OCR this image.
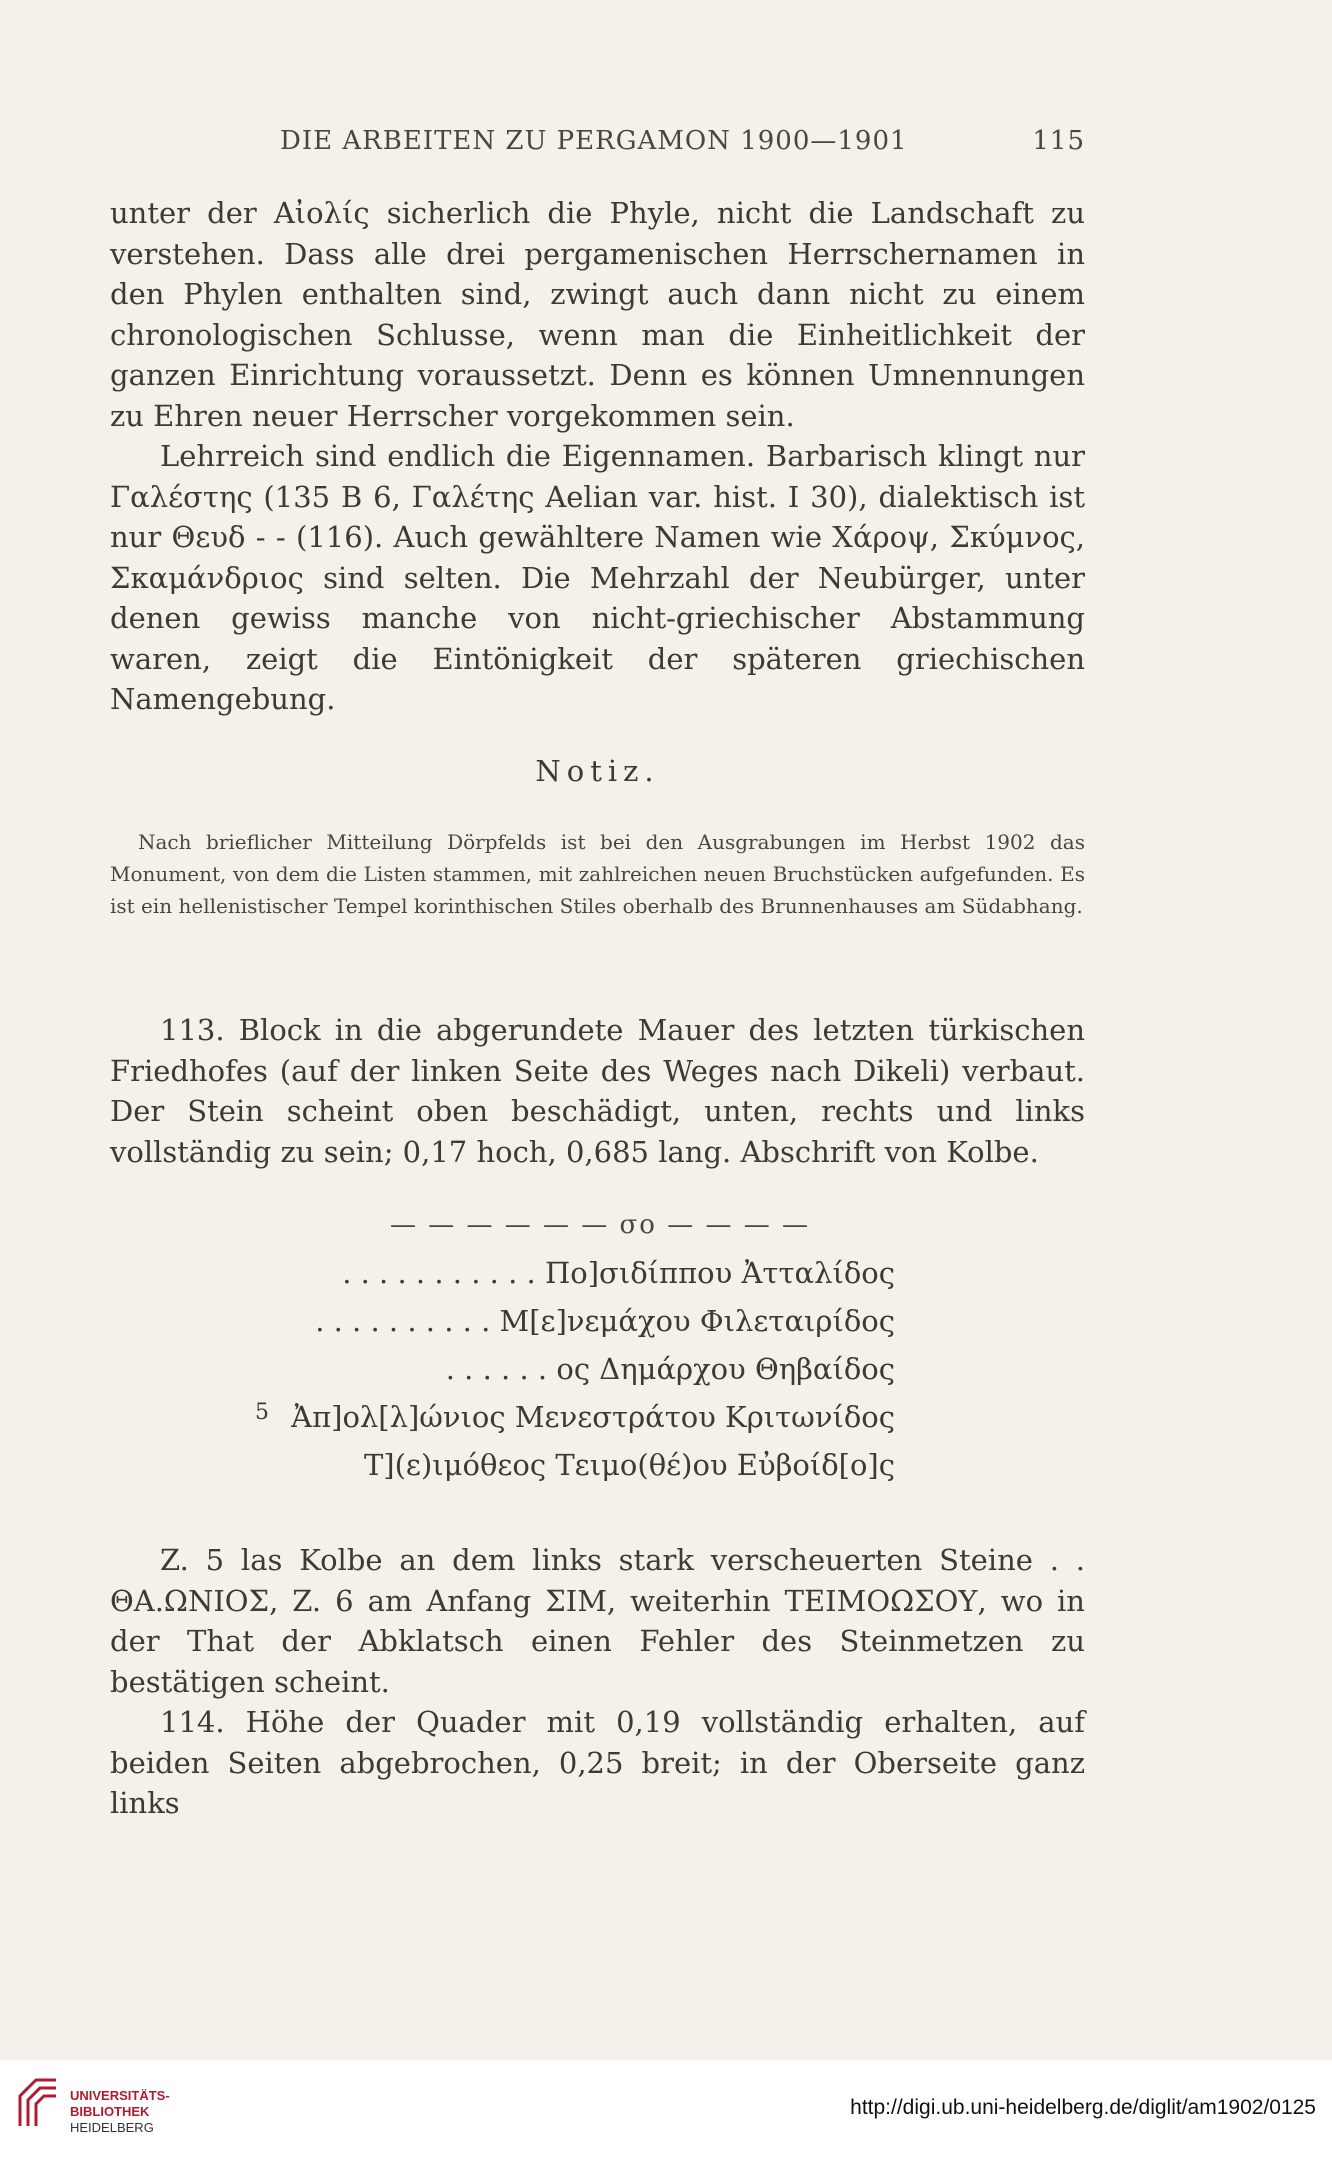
DIE ARBEITEN ZU PERGAMON 1900—1901	115

unter der Αἰολίς sicherlich die Phyle, nicht die Landschaft zu verstehen. Dass alle drei pergamenischen Herrschernamen in den Phylen enthalten sind, zwingt auch dann nicht zu einem chronologischen Schlusse, wenn man die Einheitlichkeit der ganzen Einrichtung voraussetzt. Denn es können Umnennungen zu Ehren neuer Herrscher vorgekommen sein.

Lehrreich sind endlich die Eigennamen. Barbarisch klingt nur Γαλέστης (135 B 6, Γαλέτης Aelian var. hist. I 30), dialektisch ist nur Θευδ - - (116). Auch gewähltere Namen wie Χάροψ, Σκύμνος, Σκαμάνδριος sind selten. Die Mehrzahl der Neubürger, unter denen gewiss manche von nicht-griechischer Abstammung waren, zeigt die Eintönigkeit der späteren griechischen Namengebung.

Notiz.

Nach brieflicher Mitteilung Dörpfelds ist bei den Ausgrabungen im Herbst 1902 das Monument, von dem die Listen stammen, mit zahlreichen neuen Bruchstücken aufgefunden. Es ist ein hellenistischer Tempel korinthischen Stiles oberhalb des Brunnenhauses am Südabhang.

113. Block in die abgerundete Mauer des letzten türkischen Friedhofes (auf der linken Seite des Weges nach Dikeli) verbaut. Der Stein scheint oben beschädigt, unten, rechts und links vollständig zu sein; 0,17 hoch, 0,685 lang. Abschrift von Kolbe.

— — — — — — σο — — — —
. . . . . . . . . . . Πο]σιδίππου Ἀτταλίδος
. . . . . . . . . . Μ[ε]νεμάχου Φιλεταιρίδος
. . . . . . ος Δημάρχου Θηβαίδος
5 Ἀπ]ολ[λ]ώνιος Μενεστράτου Κριτωνίδος
Τ](ε)ιμόθεος Τειμο(θέ)ου Εὐβοίδ[ο]ς

Z. 5 las Kolbe an dem links stark verscheuerten Steine . . ΘΑ.ΩΝΙΟΣ, Z. 6 am Anfang ΣΙΜ, weiterhin ΤΕΙΜΟΩΣΟΥ, wo in der That der Abklatsch einen Fehler des Steinmetzen zu bestätigen scheint.

114. Höhe der Quader mit 0,19 vollständig erhalten, auf beiden Seiten abgebrochen, 0,25 breit; in der Oberseite ganz links

UNIVERSITÄTS-
BIBLIOTHEK
HEIDELBERG
http://digi.ub.uni-heidelberg.de/diglit/am1902/0125
